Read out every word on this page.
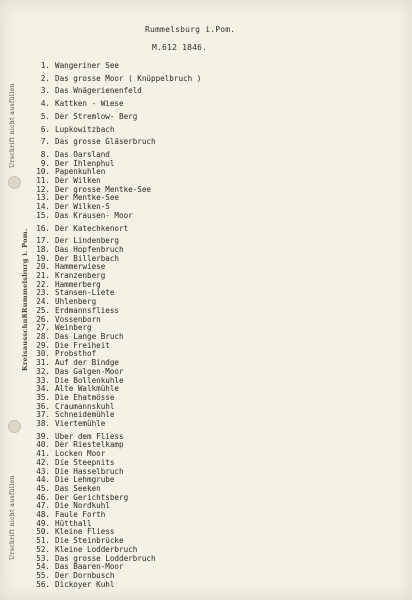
Urschrift nicht ausfüllen
Rummelsburg i. Pom.
Kreisausschuß
Urschrift nicht ausfüllen
Rummelsburg i.Pom.
M.612 1846.
1. Wangeriner See
2. Das grosse Moor ( Knüppelbruch )
3. Das Wnägerienenfeld
4. Kattken - Wiese
5. Der Stremlow- Berg
6. Lupkowitzbach
7. Das grosse Gläserbruch
8. Das Oarsland
9. Der Ihlenphul
10. Papenkuhlen
11. Der Wilken
12. Der grosse Mentke-See
13. Der Mentke-See
14. Der Wilken-S
15. Das Krausen- Moor
16. Der Katechkenort
17. Der Lindenberg
18. Das Hopfenbruch
19. Der Billerbach
20. Hammerwiese
21. Kranzenberg
22. Hammerberg
23. Stansen-Liete
24. Uhlenberg
25. Erdmannsfliess
26. Vossenborn
27. Weinberg
28. Das Lange Bruch
29. Die Freiheit
30. Probsthof
31. Auf der Bindge
32. Das Galgen-Moor
33. Die Bollenkuhle
34. Alte Walkmühle
35. Die Ehatmösse
36. Craumannskuhl
37. Schneidemühle
38. Viertemühle
39. Uber dem Fliess
40. Der Riestelkamp
41. Locken Moor
42. Die Steepnits
43. Die Hasselbruch
44. Die Lehmgrube
45. Das Seeken
46. Der Gerichtsberg
47. Die Nordkuhl
48. Faule Forth
49. Hütthall
50. Kleine Fliess
51. Die Steinbrücke
52. Kleine Lodderbruch
53. Das grosse Lodderbruch
54. Das Baaren-Moor
55. Der Dornbusch
56. Dickoyer Kuhl
